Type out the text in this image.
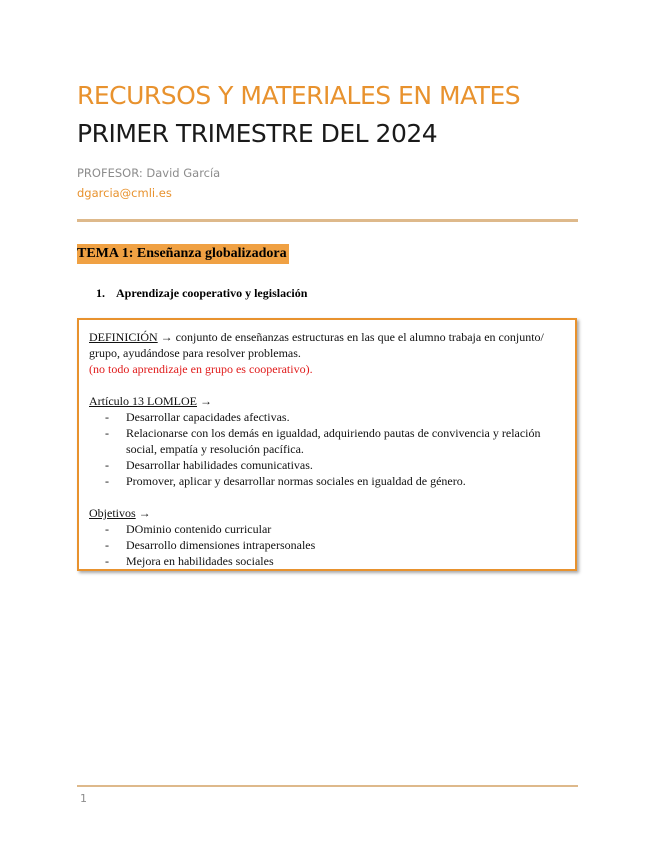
RECURSOS Y MATERIALES EN MATES
PRIMER TRIMESTRE DEL 2024
PROFESOR: David García
dgarcia@cmli.es
TEMA 1: Enseñanza globalizadora
1. Aprendizaje cooperativo y legislación
DEFINICIÓN → conjunto de enseñanzas estructuras en las que el alumno trabaja en conjunto/ grupo, ayudándose para resolver problemas.
(no todo aprendizaje en grupo es cooperativo).
Artículo 13 LOMLOE →
- Desarrollar capacidades afectivas.
- Relacionarse con los demás en igualdad, adquiriendo pautas de convivencia y relación social, empatía y resolución pacífica.
- Desarrollar habilidades comunicativas.
- Promover, aplicar y desarrollar normas sociales en igualdad de género.
Objetivos →
- DOminio contenido curricular
- Desarrollo dimensiones intrapersonales
- Mejora en habilidades sociales
1
